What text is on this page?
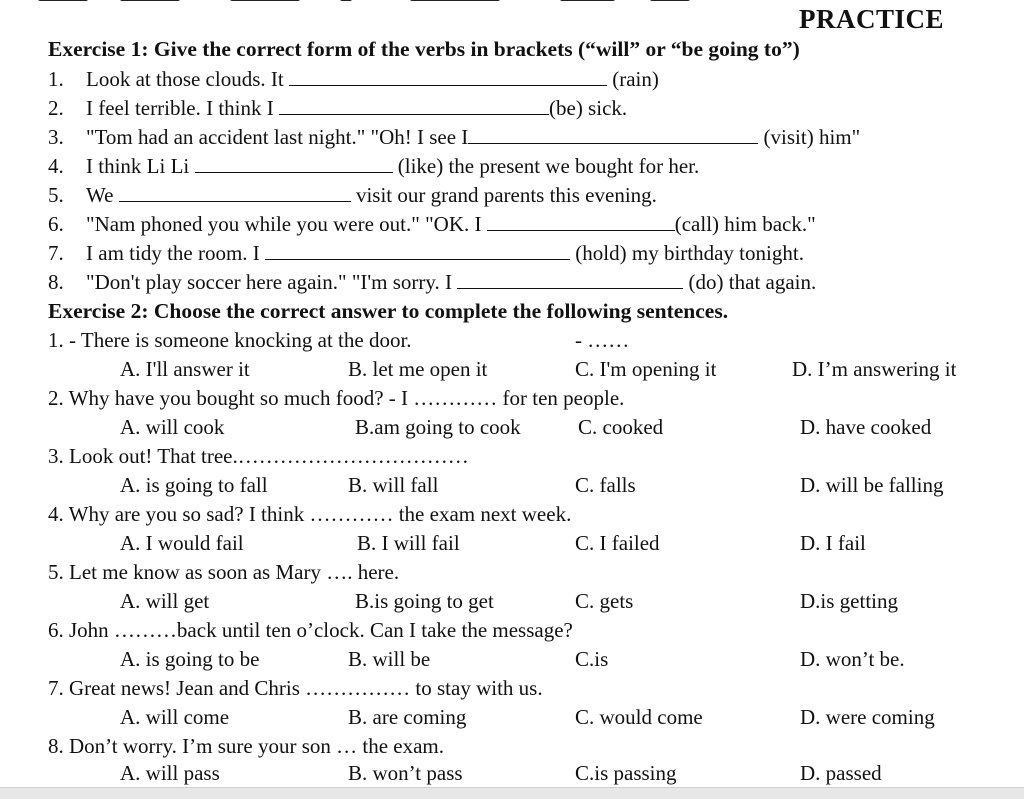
PRACTICE
Exercise 1: Give the correct form of the verbs in brackets (“will” or “be going to”)
1. Look at those clouds. It	(rain)
2. I feel terrible. I think I	(be) sick.
3. "Tom had an accident last night." "Oh! I see I	(visit) him"
4. I think Li Li	(like) the present we bought for her.
5. We	visit our grand parents this evening.
6. "Nam phoned you while you were out." "OK. I	(call) him back."
7. I am tidy the room. I	(hold) my birthday tonight.
8. "Don't play soccer here again." "I'm sorry. I	(do) that again.
Exercise 2: Choose the correct answer to complete the following sentences.
1. - There is someone knocking at the door.	- ……
A. I'll answer it	B. let me open it	C. I'm opening it	D. I’m answering it
2. Why have you bought so much food? - I ………… for ten people.
A. will cook	B.am going to cook	C. cooked	D. have cooked
3. Look out! That tree.……………………………
A. is going to fall	B. will fall	C. falls	D. will be falling
4. Why are you so sad? I think ………… the exam next week.
A. I would fail	B. I will fail	C. I failed	D. I fail
5. Let me know as soon as Mary …. here.
A. will get	B.is going to get	C. gets	D.is getting
6. John ………back until ten o’clock. Can I take the message?
A. is going to be	B. will be	C.is	D. won’t be.
7. Great news! Jean and Chris …………… to stay with us.
A. will come	B. are coming	C. would come	D. were coming
8. Don’t worry. I’m sure your son … the exam.
A. will pass	B. won’t pass	C.is passing	D. passed
